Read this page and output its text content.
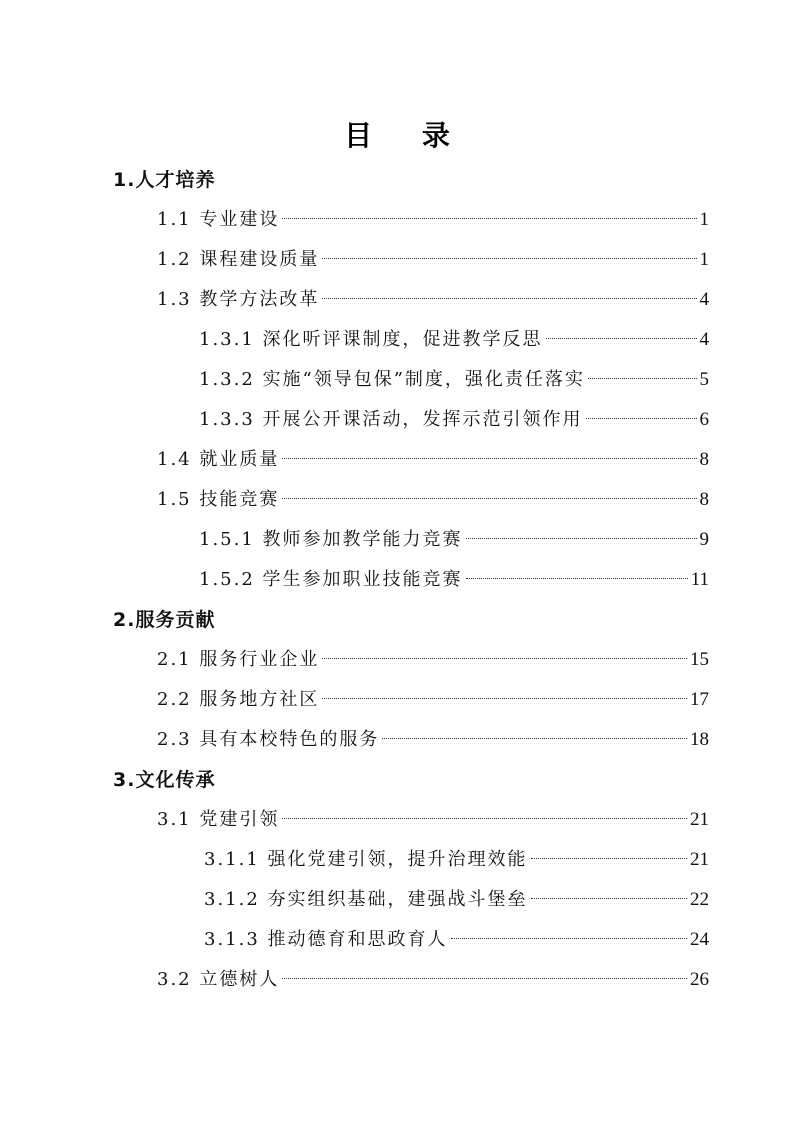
目 录
1.人才培养
1.1 专业建设	1
1.2 课程建设质量	1
1.3 教学方法改革	4
1.3.1 深化听评课制度，促进教学反思	4
1.3.2 实施“领导包保”制度，强化责任落实	5
1.3.3 开展公开课活动，发挥示范引领作用	6
1.4 就业质量	8
1.5 技能竞赛	8
1.5.1 教师参加教学能力竞赛	9
1.5.2 学生参加职业技能竞赛	11
2.服务贡献
2.1 服务行业企业	15
2.2 服务地方社区	17
2.3 具有本校特色的服务	18
3.文化传承
3.1 党建引领	21
3.1.1 强化党建引领，提升治理效能	21
3.1.2 夯实组织基础，建强战斗堡垒	22
3.1.3 推动德育和思政育人	24
3.2 立德树人	26
